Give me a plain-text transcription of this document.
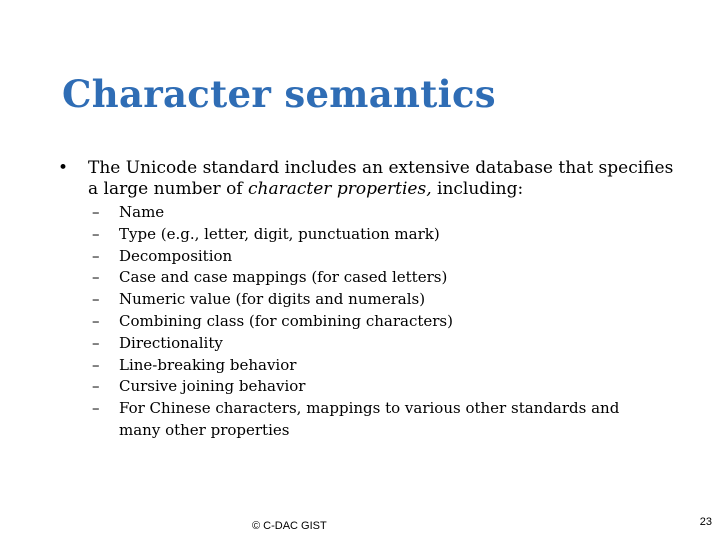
Character semantics
• The Unicode standard includes an extensive database that specifies a large number of character properties, including:
– Name
– Type (e.g., letter, digit, punctuation mark)
– Decomposition
– Case and case mappings (for cased letters)
– Numeric value (for digits and numerals)
– Combining class (for combining characters)
– Directionality
– Line-breaking behavior
– Cursive joining behavior
– For Chinese characters, mappings to various other standards and many other properties
© C-DAC GIST	23
